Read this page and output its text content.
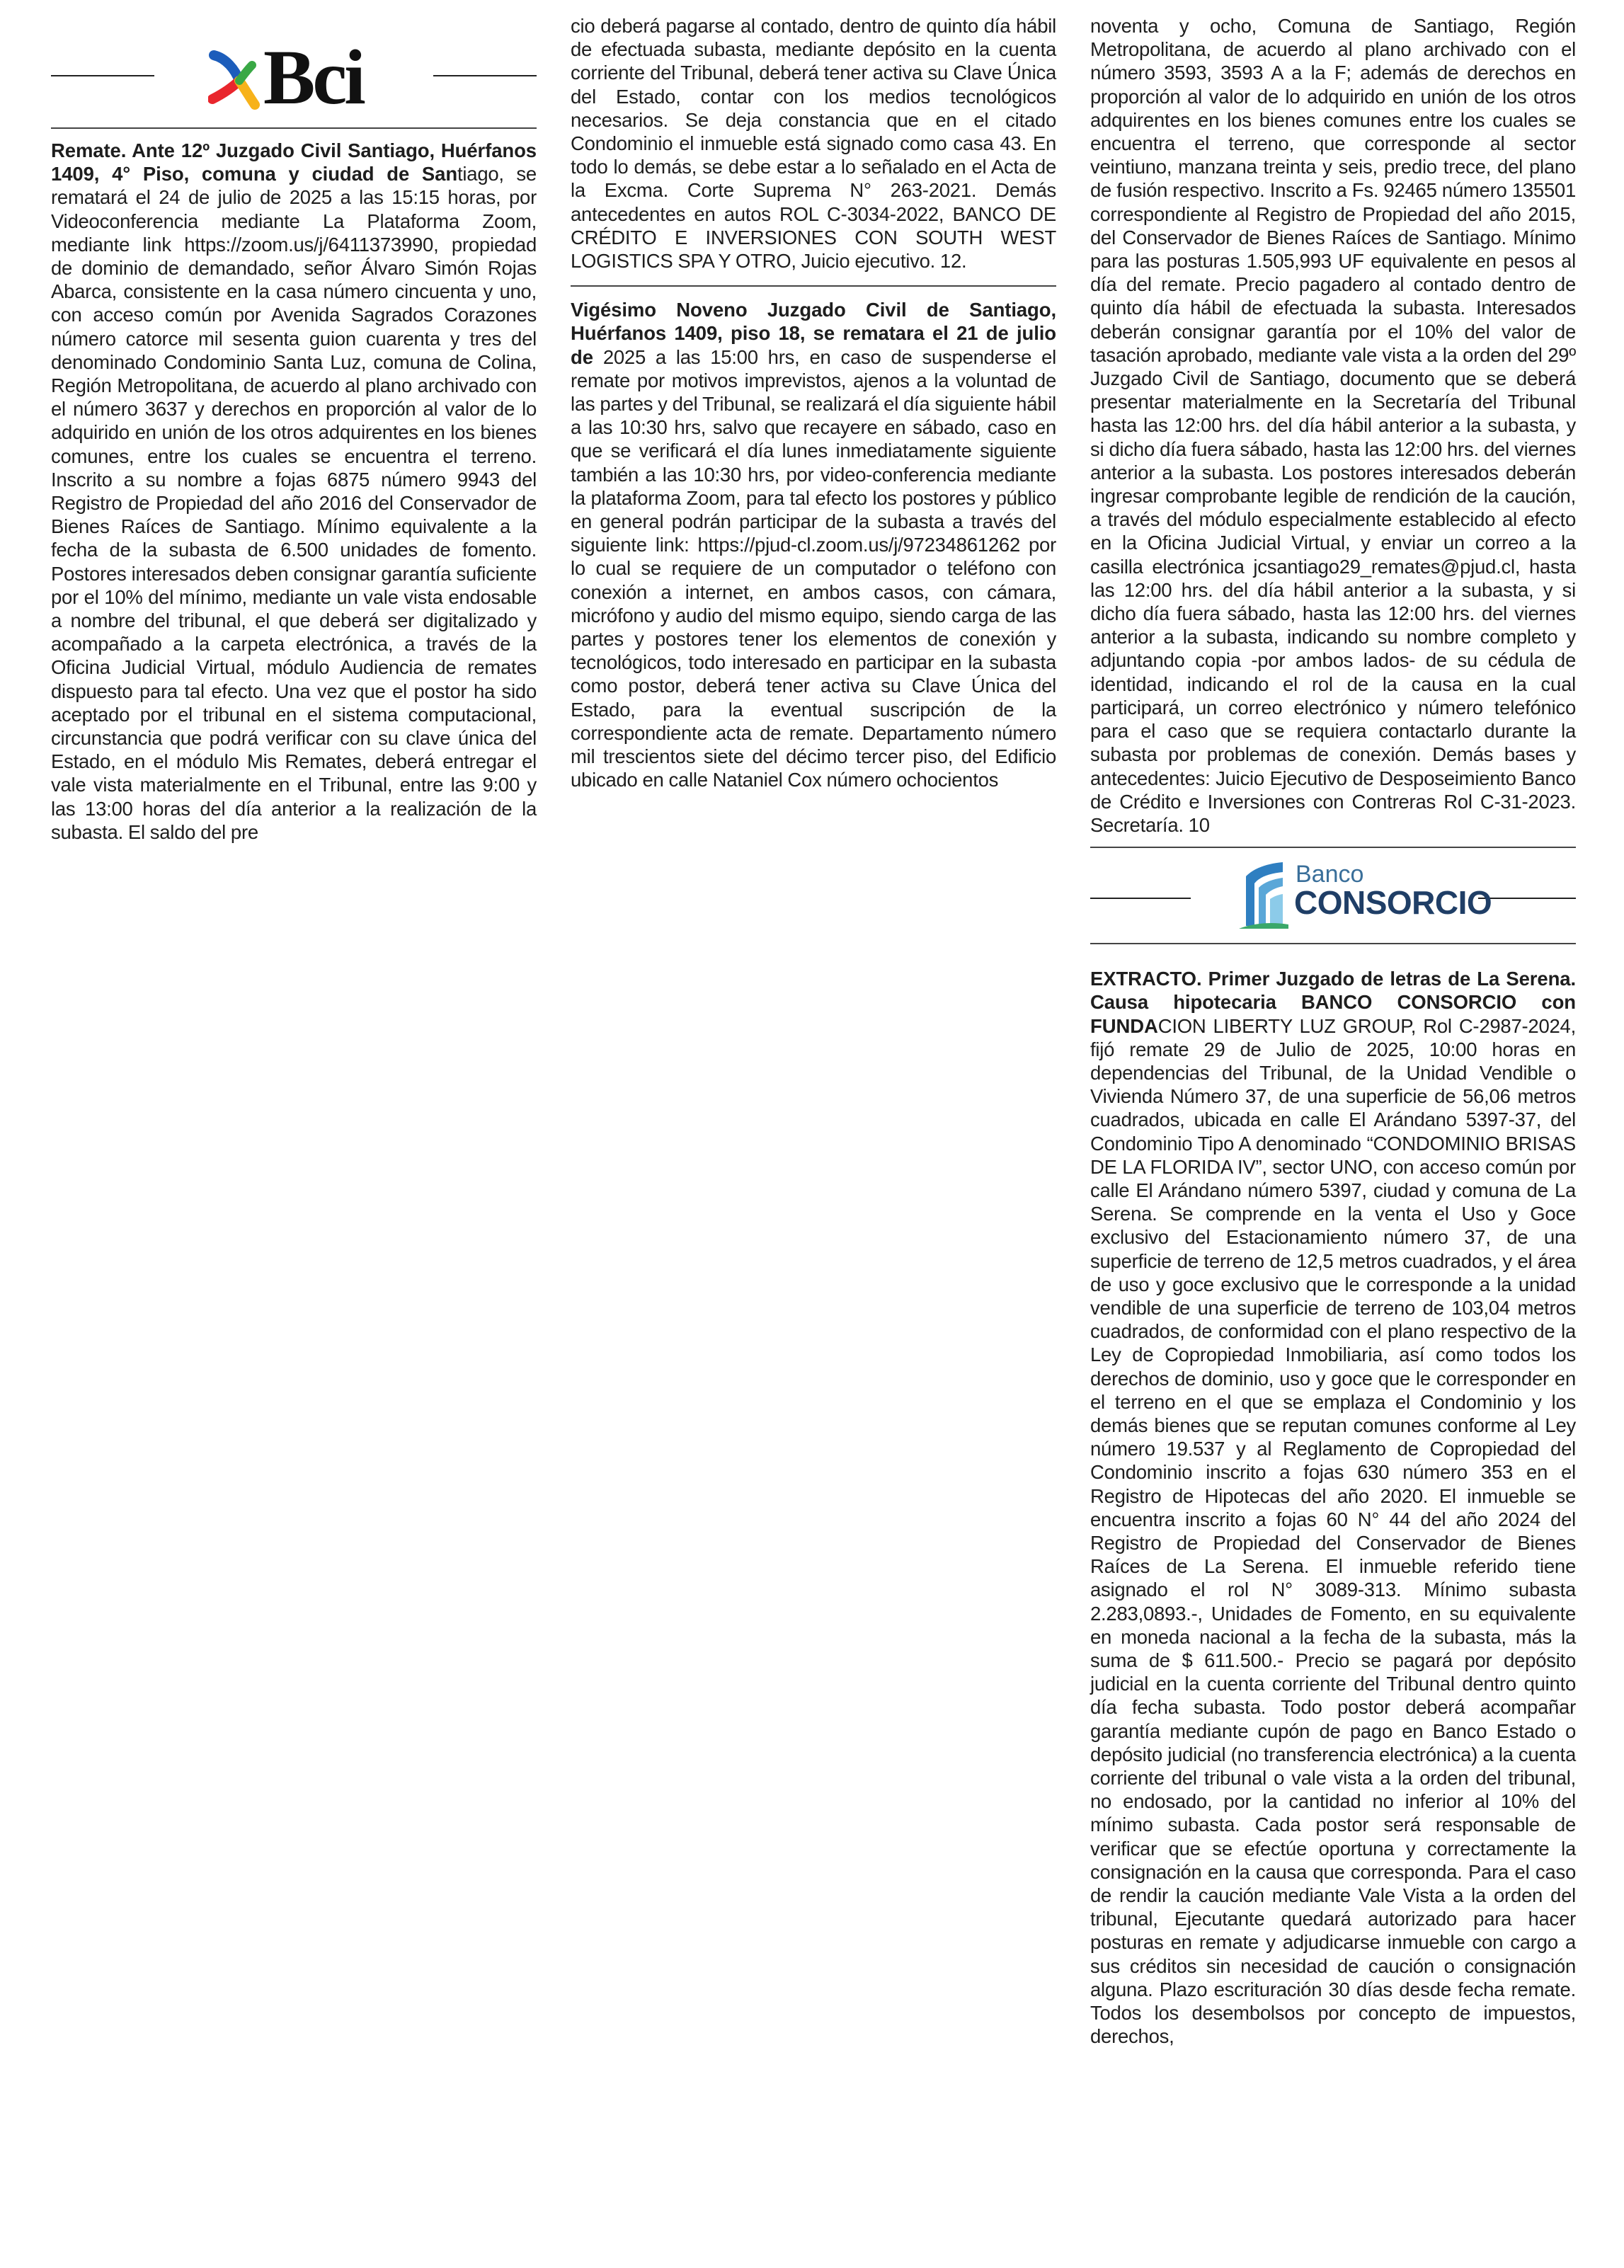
Bci

Remate. Ante 12º Juzgado Civil Santiago, Huérfanos 1409, 4° Piso, comuna y ciudad de Santiago, se rematará el 24 de julio de 2025 a las 15:15 horas, por Videoconferencia mediante La Plataforma Zoom, mediante link https://zoom.us/j/6411373990, propiedad de dominio de demandado, señor Álvaro Simón Rojas Abarca, consistente en la casa número cincuenta y uno, con acceso común por Avenida Sagrados Corazones número catorce mil sesenta guion cuarenta y tres del denominado Condominio Santa Luz, comuna de Colina, Región Metropolitana, de acuerdo al plano archivado con el número 3637 y derechos en proporción al valor de lo adquirido en unión de los otros adquirentes en los bienes comunes, entre los cuales se encuentra el terreno. Inscrito a su nombre a fojas 6875 número 9943 del Registro de Propiedad del año 2016 del Conservador de Bienes Raíces de Santiago. Mínimo equivalente a la fecha de la subasta de 6.500 unidades de fomento. Postores interesados deben consignar garantía suficiente por el 10% del mínimo, mediante un vale vista endosable a nombre del tribunal, el que deberá ser digitalizado y acompañado a la carpeta electrónica, a través de la Oficina Judicial Virtual, módulo Audiencia de remates dispuesto para tal efecto. Una vez que el postor ha sido aceptado por el tribunal en el sistema computacional, circunstancia que podrá verificar con su clave única del Estado, en el módulo Mis Remates, deberá entregar el vale vista materialmente en el Tribunal, entre las 9:00 y las 13:00 horas del día anterior a la realización de la subasta. El saldo del pre

cio deberá pagarse al contado, dentro de quinto día hábil de efectuada subasta, mediante depósito en la cuenta corriente del Tribunal, deberá tener activa su Clave Única del Estado, contar con los medios tecnológicos necesarios. Se deja constancia que en el citado Condominio el inmueble está signado como casa 43. En todo lo demás, se debe estar a lo señalado en el Acta de la Excma. Corte Suprema N° 263-2021. Demás antecedentes en autos ROL C-3034-2022, BANCO DE CRÉDITO E INVERSIONES CON SOUTH WEST LOGISTICS SPA Y OTRO, Juicio ejecutivo. 12.

Vigésimo Noveno Juzgado Civil de Santiago, Huérfanos 1409, piso 18, se rematara el 21 de julio de 2025 a las 15:00 hrs, en caso de suspenderse el remate por motivos imprevistos, ajenos a la voluntad de las partes y del Tribunal, se realizará el día siguiente hábil a las 10:30 hrs, salvo que recayere en sábado, caso en que se verificará el día lunes inmediatamente siguiente también a las 10:30 hrs, por video-conferencia mediante la plataforma Zoom, para tal efecto los postores y público en general podrán participar de la subasta a través del siguiente link: https://pjud-cl.zoom.us/j/97234861262 por lo cual se requiere de un computador o teléfono con conexión a internet, en ambos casos, con cámara, micrófono y audio del mismo equipo, siendo carga de las partes y postores tener los elementos de conexión y tecnológicos, todo interesado en participar en la subasta como postor, deberá tener activa su Clave Única del Estado, para la eventual suscripción de la correspondiente acta de remate. Departamento número mil trescientos siete del décimo tercer piso, del Edificio ubicado en calle Nataniel Cox número ochocientos

noventa y ocho, Comuna de Santiago, Región Metropolitana, de acuerdo al plano archivado con el número 3593, 3593 A a la F; además de derechos en proporción al valor de lo adquirido en unión de los otros adquirentes en los bienes comunes entre los cuales se encuentra el terreno, que corresponde al sector veintiuno, manzana treinta y seis, predio trece, del plano de fusión respectivo. Inscrito a Fs. 92465 número 135501 correspondiente al Registro de Propiedad del año 2015, del Conservador de Bienes Raíces de Santiago. Mínimo para las posturas 1.505,993 UF equivalente en pesos al día del remate. Precio pagadero al contado dentro de quinto día hábil de efectuada la subasta. Interesados deberán consignar garantía por el 10% del valor de tasación aprobado, mediante vale vista a la orden del 29º Juzgado Civil de Santiago, documento que se deberá presentar materialmente en la Secretaría del Tribunal hasta las 12:00 hrs. del día hábil anterior a la subasta, y si dicho día fuera sábado, hasta las 12:00 hrs. del viernes anterior a la subasta. Los postores interesados deberán ingresar comprobante legible de rendición de la caución, a través del módulo especialmente establecido al efecto en la Oficina Judicial Virtual, y enviar un correo a la casilla electrónica jcsantiago29_remates@pjud.cl, hasta las 12:00 hrs. del día hábil anterior a la subasta, y si dicho día fuera sábado, hasta las 12:00 hrs. del viernes anterior a la subasta, indicando su nombre completo y adjuntando copia -por ambos lados- de su cédula de identidad, indicando el rol de la causa en la cual participará, un correo electrónico y número telefónico para el caso que se requiera contactarlo durante la subasta por problemas de conexión. Demás bases y antecedentes: Juicio Ejecutivo de Desposeimiento Banco de Crédito e Inversiones con Contreras Rol C-31-2023. Secretaría. 10

Banco
CONSORCIO

EXTRACTO. Primer Juzgado de letras de La Serena. Causa hipotecaria BANCO CONSORCIO con FUNDACION LIBERTY LUZ GROUP, Rol C-2987-2024, fijó remate 29 de Julio de 2025, 10:00 horas en dependencias del Tribunal, de la Unidad Vendible o Vivienda Número 37, de una superficie de 56,06 metros cuadrados, ubicada en calle El Arándano 5397-37, del Condominio Tipo A denominado “CONDOMINIO BRISAS DE LA FLORIDA IV”, sector UNO, con acceso común por calle El Arándano número 5397, ciudad y comuna de La Serena. Se comprende en la venta el Uso y Goce exclusivo del Estacionamiento número 37, de una superficie de terreno de 12,5 metros cuadrados, y el área de uso y goce exclusivo que le corresponde a la unidad vendible de una superficie de terreno de 103,04 metros cuadrados, de conformidad con el plano respectivo de la Ley de Copropiedad Inmobiliaria, así como todos los derechos de dominio, uso y goce que le corresponder en el terreno en el que se emplaza el Condominio y los demás bienes que se reputan comunes conforme al Ley número 19.537 y al Reglamento de Copropiedad del Condominio inscrito a fojas 630 número 353 en el Registro de Hipotecas del año 2020. El inmueble se encuentra inscrito a fojas 60 N° 44 del año 2024 del Registro de Propiedad del Conservador de Bienes Raíces de La Serena. El inmueble referido tiene asignado el rol N° 3089-313. Mínimo subasta 2.283,0893.-, Unidades de Fomento, en su equivalente en moneda nacional a la fecha de la subasta, más la suma de $ 611.500.- Precio se pagará por depósito judicial en la cuenta corriente del Tribunal dentro quinto día fecha subasta. Todo postor deberá acompañar garantía mediante cupón de pago en Banco Estado o depósito judicial (no transferencia electrónica) a la cuenta corriente del tribunal o vale vista a la orden del tribunal, no endosado, por la cantidad no inferior al 10% del mínimo subasta. Cada postor será responsable de verificar que se efectúe oportuna y correctamente la consignación en la causa que corresponda. Para el caso de rendir la caución mediante Vale Vista a la orden del tribunal, Ejecutante quedará autorizado para hacer posturas en remate y adjudicarse inmueble con cargo a sus créditos sin necesidad de caución o consignación alguna. Plazo escrituración 30 días desde fecha remate. Todos los desembolsos por concepto de impuestos, derechos,
